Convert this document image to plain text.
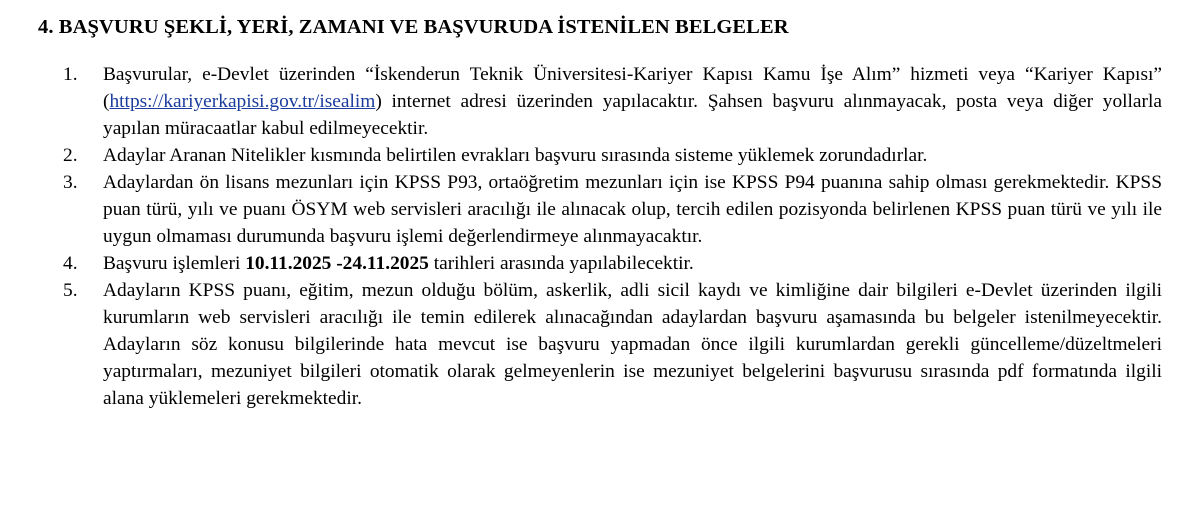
4. BAŞVURU ŞEKLİ, YERİ, ZAMANI VE BAŞVURUDA İSTENİLEN BELGELER
1. Başvurular, e-Devlet üzerinden “İskenderun Teknik Üniversitesi-Kariyer Kapısı Kamu İşe Alım” hizmeti veya “Kariyer Kapısı” (https://kariyerkapisi.gov.tr/isealim) internet adresi üzerinden yapılacaktır. Şahsen başvuru alınmayacak, posta veya diğer yollarla yapılan müracaatlar kabul edilmeyecektir.
2. Adaylar Aranan Nitelikler kısmında belirtilen evrakları başvuru sırasında sisteme yüklemek zorundadırlar.
3. Adaylardan ön lisans mezunları için KPSS P93, ortaöğretim mezunları için ise KPSS P94 puanına sahip olması gerekmektedir. KPSS puan türü, yılı ve puanı ÖSYM web servisleri aracılığı ile alınacak olup, tercih edilen pozisyonda belirlenen KPSS puan türü ve yılı ile uygun olmaması durumunda başvuru işlemi değerlendirmeye alınmayacaktır.
4. Başvuru işlemleri 10.11.2025 -24.11.2025 tarihleri arasında yapılabilecektir.
5. Adayların KPSS puanı, eğitim, mezun olduğu bölüm, askerlik, adli sicil kaydı ve kimliğine dair bilgileri e-Devlet üzerinden ilgili kurumların web servisleri aracılığı ile temin edilerek alınacağından adaylardan başvuru aşamasında bu belgeler istenilmeyecektir. Adayların söz konusu bilgilerinde hata mevcut ise başvuru yapmadan önce ilgili kurumlardan gerekli güncelleme/düzeltmeleri yaptırmaları, mezuniyet bilgileri otomatik olarak gelmeyenlerin ise mezuniyet belgelerini başvurusu sırasında pdf formatında ilgili alana yüklemeleri gerekmektedir.
